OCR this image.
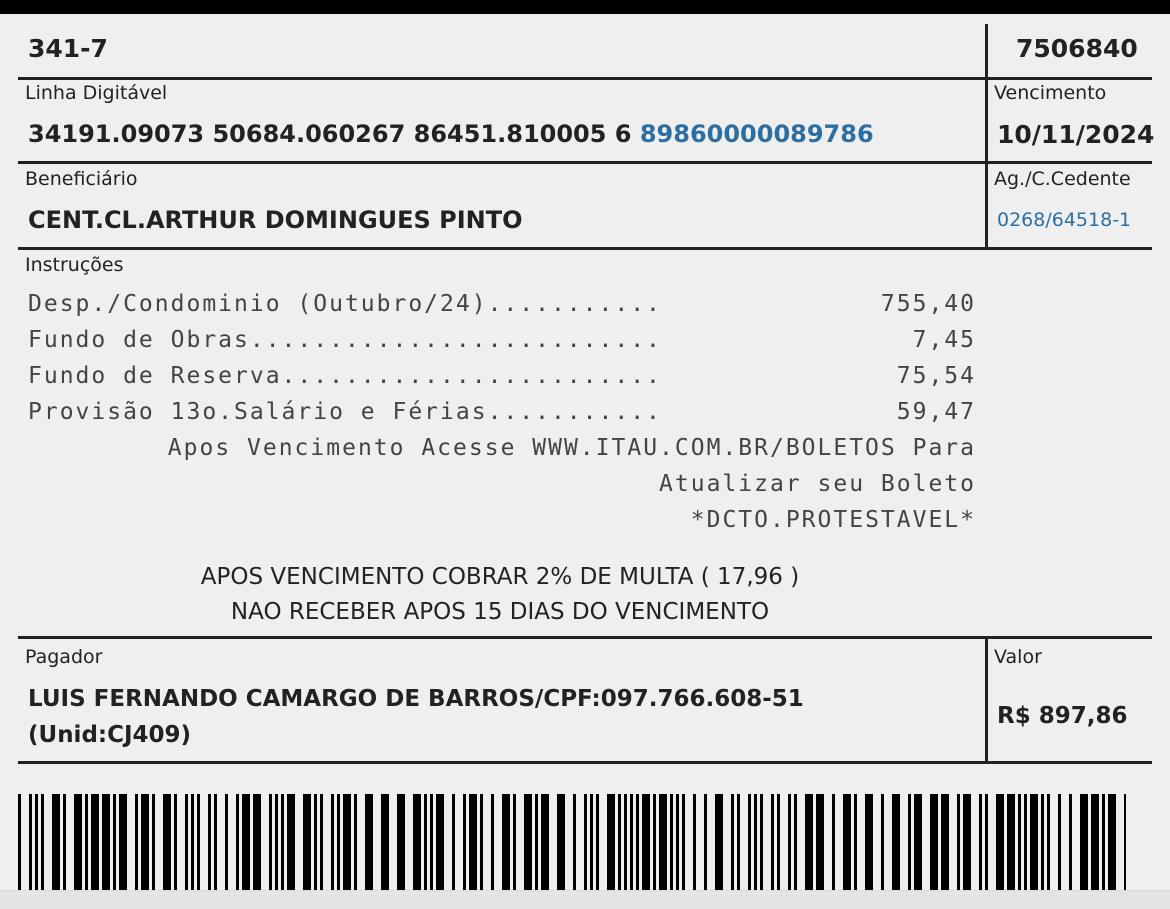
341-7	7506840
Linha Digitável
34191.09073 50684.060267 86451.810005 6 89860000089786
Vencimento
10/11/2024
Beneficiário
CENT.CL.ARTHUR DOMINGUES PINTO
Ag./C.Cedente
0268/64518-1
Instruções
Desp./Condominio (Outubro/24)...........	755,40
Fundo de Obras..........................	7,45
Fundo de Reserva........................	75,54
Provisão 13o.Salário e Férias...........	59,47
Apos Vencimento Acesse WWW.ITAU.COM.BR/BOLETOS Para
Atualizar seu Boleto
*DCTO.PROTESTAVEL*
APOS VENCIMENTO COBRAR 2% DE MULTA ( 17,96 )
NAO RECEBER APOS 15 DIAS DO VENCIMENTO
Pagador
LUIS FERNANDO CAMARGO DE BARROS/CPF:097.766.608-51
(Unid:CJ409)
Valor
R$ 897,86
